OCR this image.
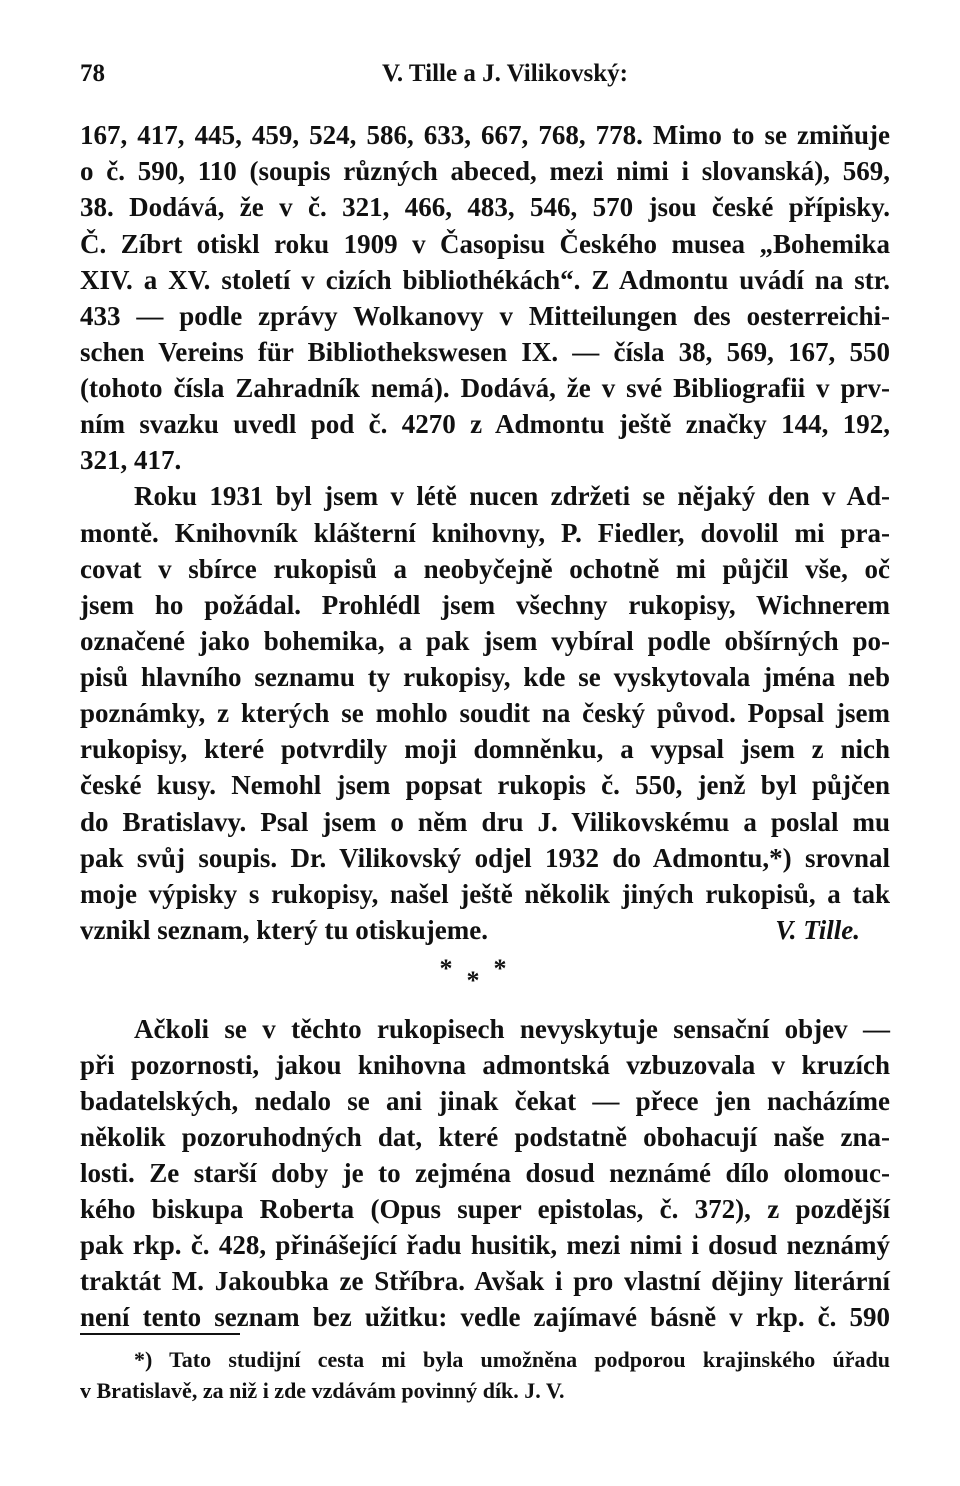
78	V. Tille a J. Vilikovský:
167, 417, 445, 459, 524, 586, 633, 667, 768, 778. Mimo to se zmiňuje
o č. 590, 110 (soupis různých abeced, mezi nimi i slovanská), 569,
38. Dodává, že v č. 321, 466, 483, 546, 570 jsou české přípisky.
Č. Zíbrt otiskl roku 1909 v Časopisu Českého musea „Bohemika
XIV. a XV. století v cizích bibliothékách“. Z Admontu uvádí na str.
433 — podle zprávy Wolkanovy v Mitteilungen des oesterreichi-
schen Vereins für Bibliothekswesen IX. — čísla 38, 569, 167, 550
(tohoto čísla Zahradník nemá). Dodává, že v své Bibliografii v prv-
ním svazku uvedl pod č. 4270 z Admontu ještě značky 144, 192,
321, 417.
Roku 1931 byl jsem v létě nucen zdržeti se nějaký den v Ad-
montě. Knihovník klášterní knihovny, P. Fiedler, dovolil mi pra-
covat v sbírce rukopisů a neobyčejně ochotně mi půjčil vše, oč
jsem ho požádal. Prohlédl jsem všechny rukopisy, Wichnerem
označené jako bohemika, a pak jsem vybíral podle obšírných po-
pisů hlavního seznamu ty rukopisy, kde se vyskytovala jména neb
poznámky, z kterých se mohlo soudit na český původ. Popsal jsem
rukopisy, které potvrdily moji domněnku, a vypsal jsem z nich
české kusy. Nemohl jsem popsat rukopis č. 550, jenž byl půjčen
do Bratislavy. Psal jsem o něm dru J. Vilikovskému a poslal mu
pak svůj soupis. Dr. Vilikovský odjel 1932 do Admontu,*) srovnal
moje výpisky s rukopisy, našel ještě několik jiných rukopisů, a tak
vznikl seznam, který tu otiskujeme.	V. Tille.
***
Ačkoli se v těchto rukopisech nevyskytuje sensační objev —
při pozornosti, jakou knihovna admontská vzbuzovala v kruzích
badatelských, nedalo se ani jinak čekat — přece jen nacházíme
několik pozoruhodných dat, které podstatně obohacují naše zna-
losti. Ze starší doby je to zejména dosud neznámé dílo olomouc-
kého biskupa Roberta (Opus super epistolas, č. 372), z pozdější
pak rkp. č. 428, přinášející řadu husitik, mezi nimi i dosud neznámý
traktát M. Jakoubka ze Stříbra. Avšak i pro vlastní dějiny literární
není tento seznam bez užitku: vedle zajímavé básně v rkp. č. 590
*) Tato studijní cesta mi byla umožněna podporou krajinského úřadu
v Bratislavě, za niž i zde vzdávám povinný dík. J. V.
